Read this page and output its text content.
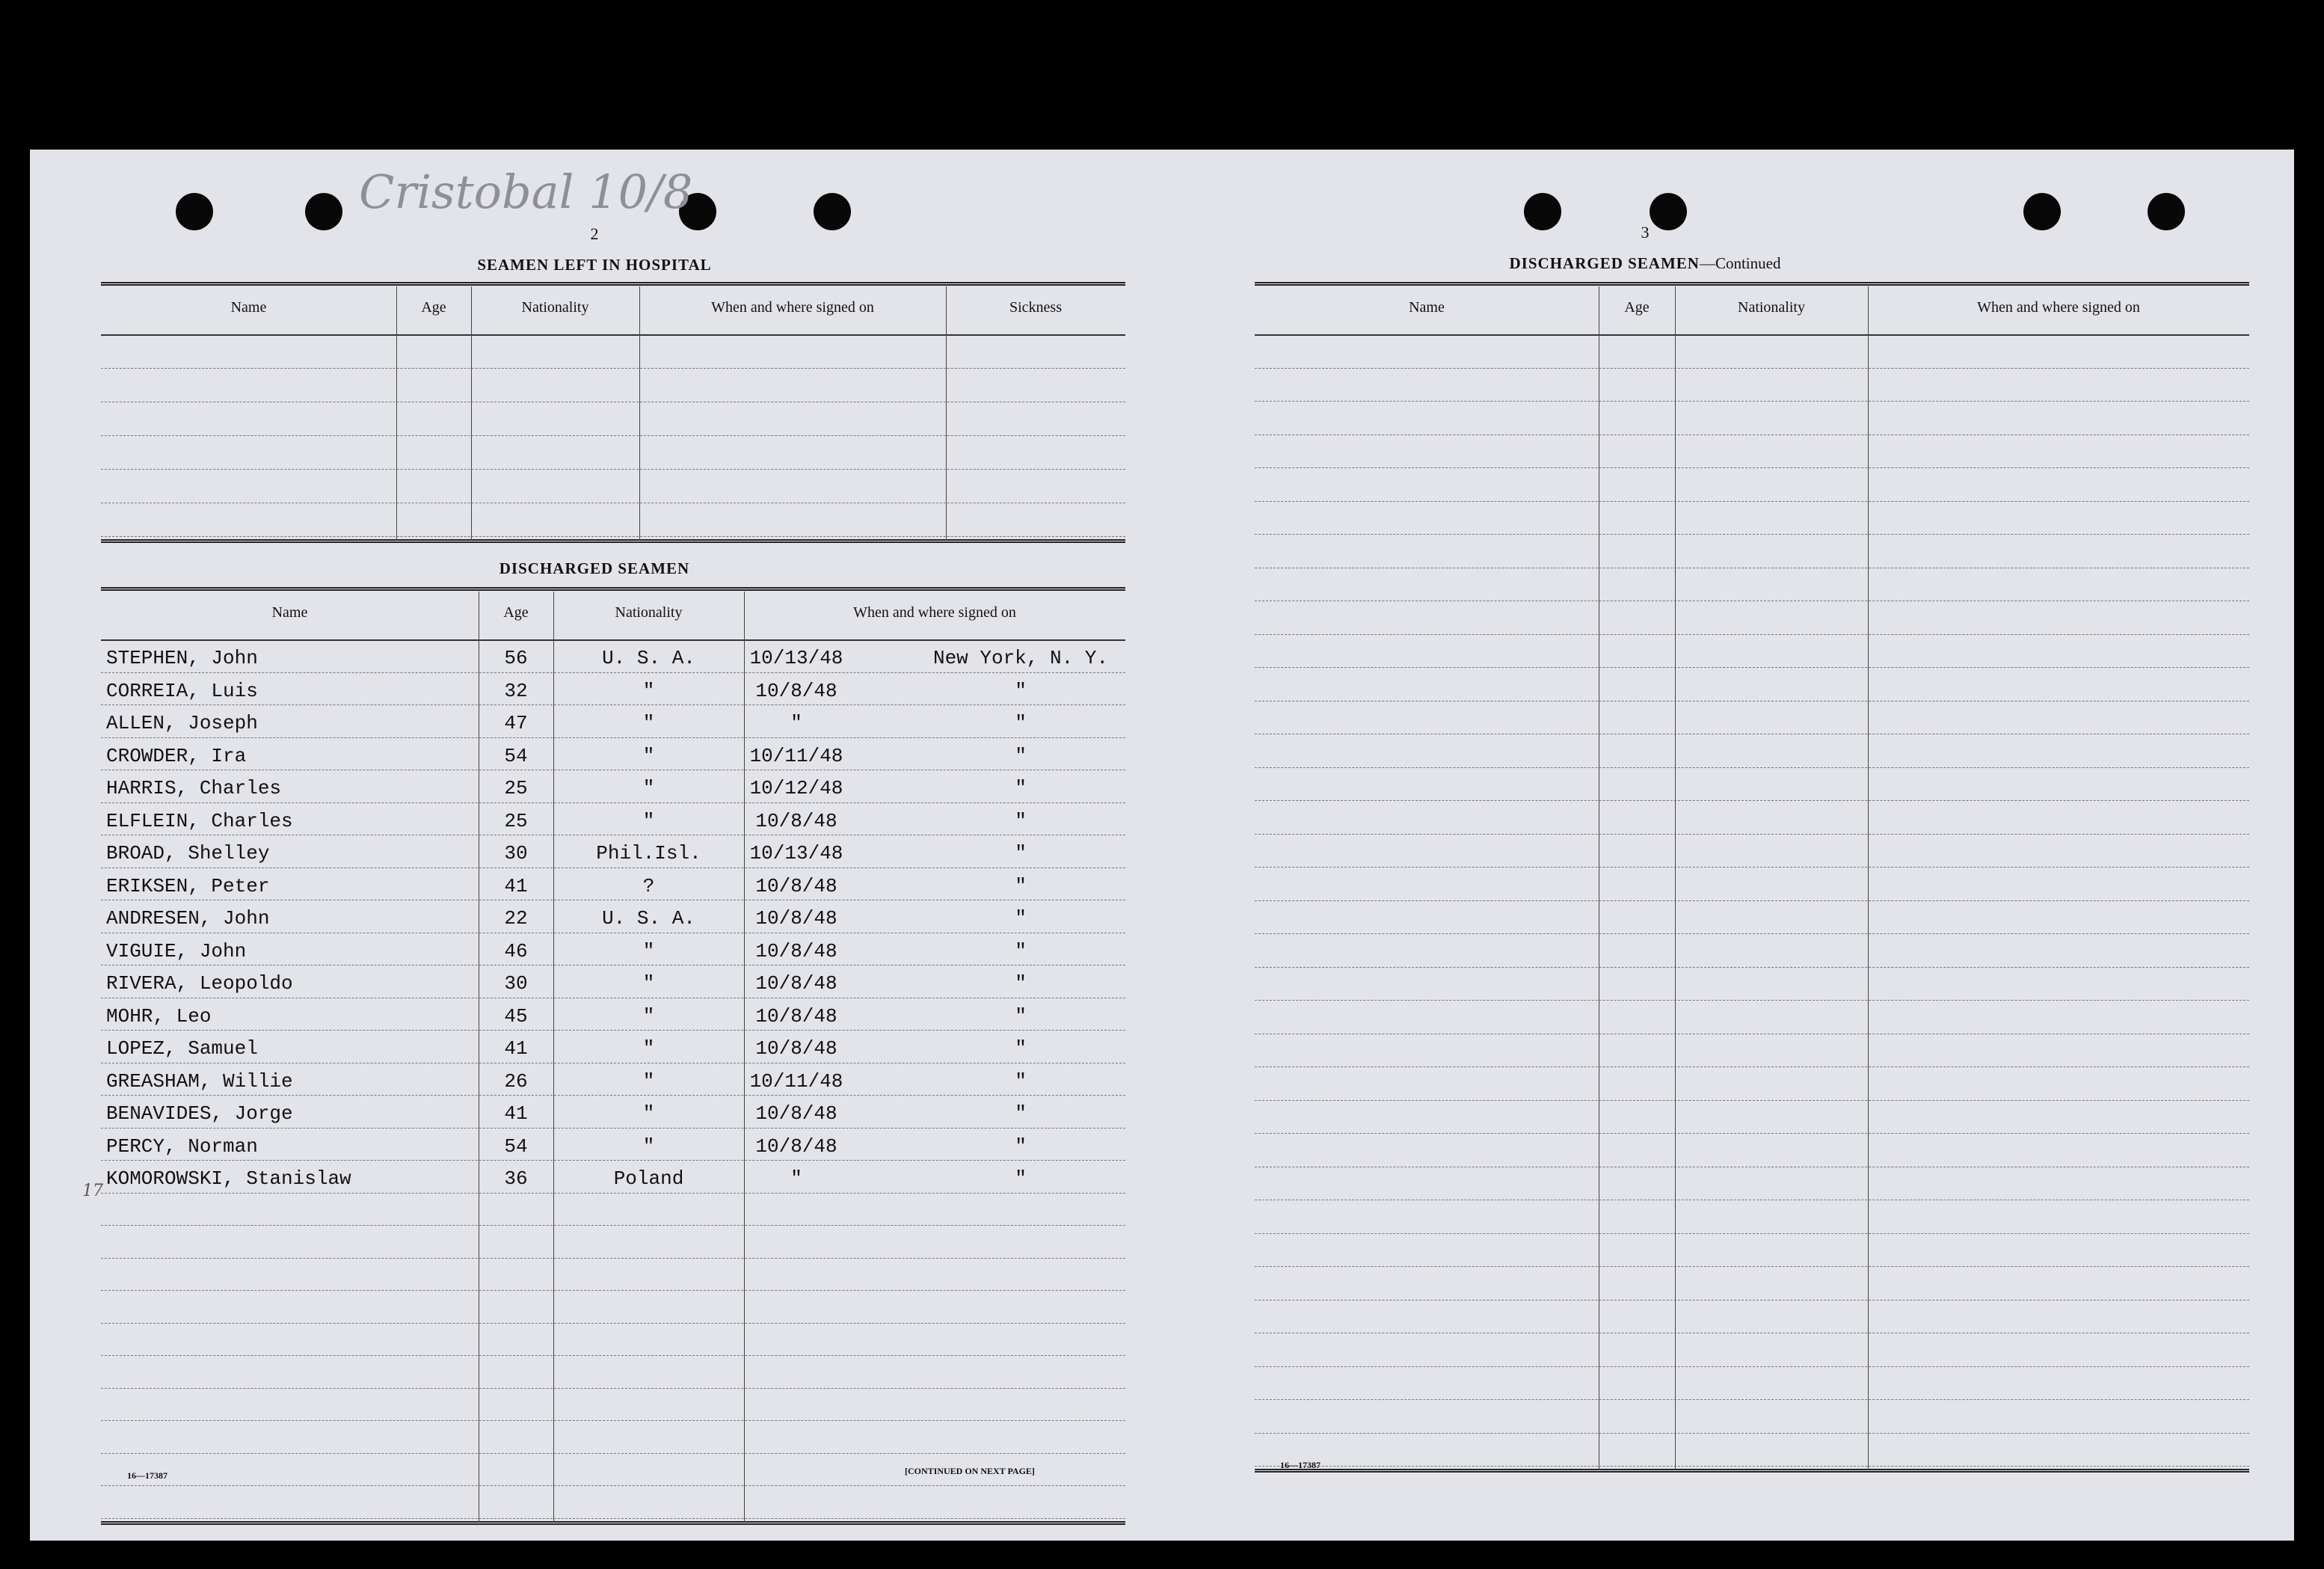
Cristobal 10/8
17
2
SEAMEN LEFT IN HOSPITAL
Name	Age	Nationality	When and where signed on	Sickness
DISCHARGED SEAMEN
Name	Age	Nationality	When and where signed on
STEPHEN, John	56	U. S. A.	10/13/48	New York, N. Y.
CORREIA, Luis	32	"	10/8/48	"
ALLEN, Joseph	47	"	"	"
CROWDER, Ira	54	"	10/11/48	"
HARRIS, Charles	25	"	10/12/48	"
ELFLEIN, Charles	25	"	10/8/48	"
BROAD, Shelley	30	Phil.Isl.	10/13/48	"
ERIKSEN, Peter	41	?	10/8/48	"
ANDRESEN, John	22	U. S. A.	10/8/48	"
VIGUIE, John	46	"	10/8/48	"
RIVERA, Leopoldo	30	"	10/8/48	"
MOHR, Leo	45	"	10/8/48	"
LOPEZ, Samuel	41	"	10/8/48	"
GREASHAM, Willie	26	"	10/11/48	"
BENAVIDES, Jorge	41	"	10/8/48	"
PERCY, Norman	54	"	10/8/48	"
KOMOROWSKI, Stanislaw	36	Poland	"	"
16—17387	[CONTINUED ON NEXT PAGE]
3
DISCHARGED SEAMEN—Continued
Name	Age	Nationality	When and where signed on
16—17387
